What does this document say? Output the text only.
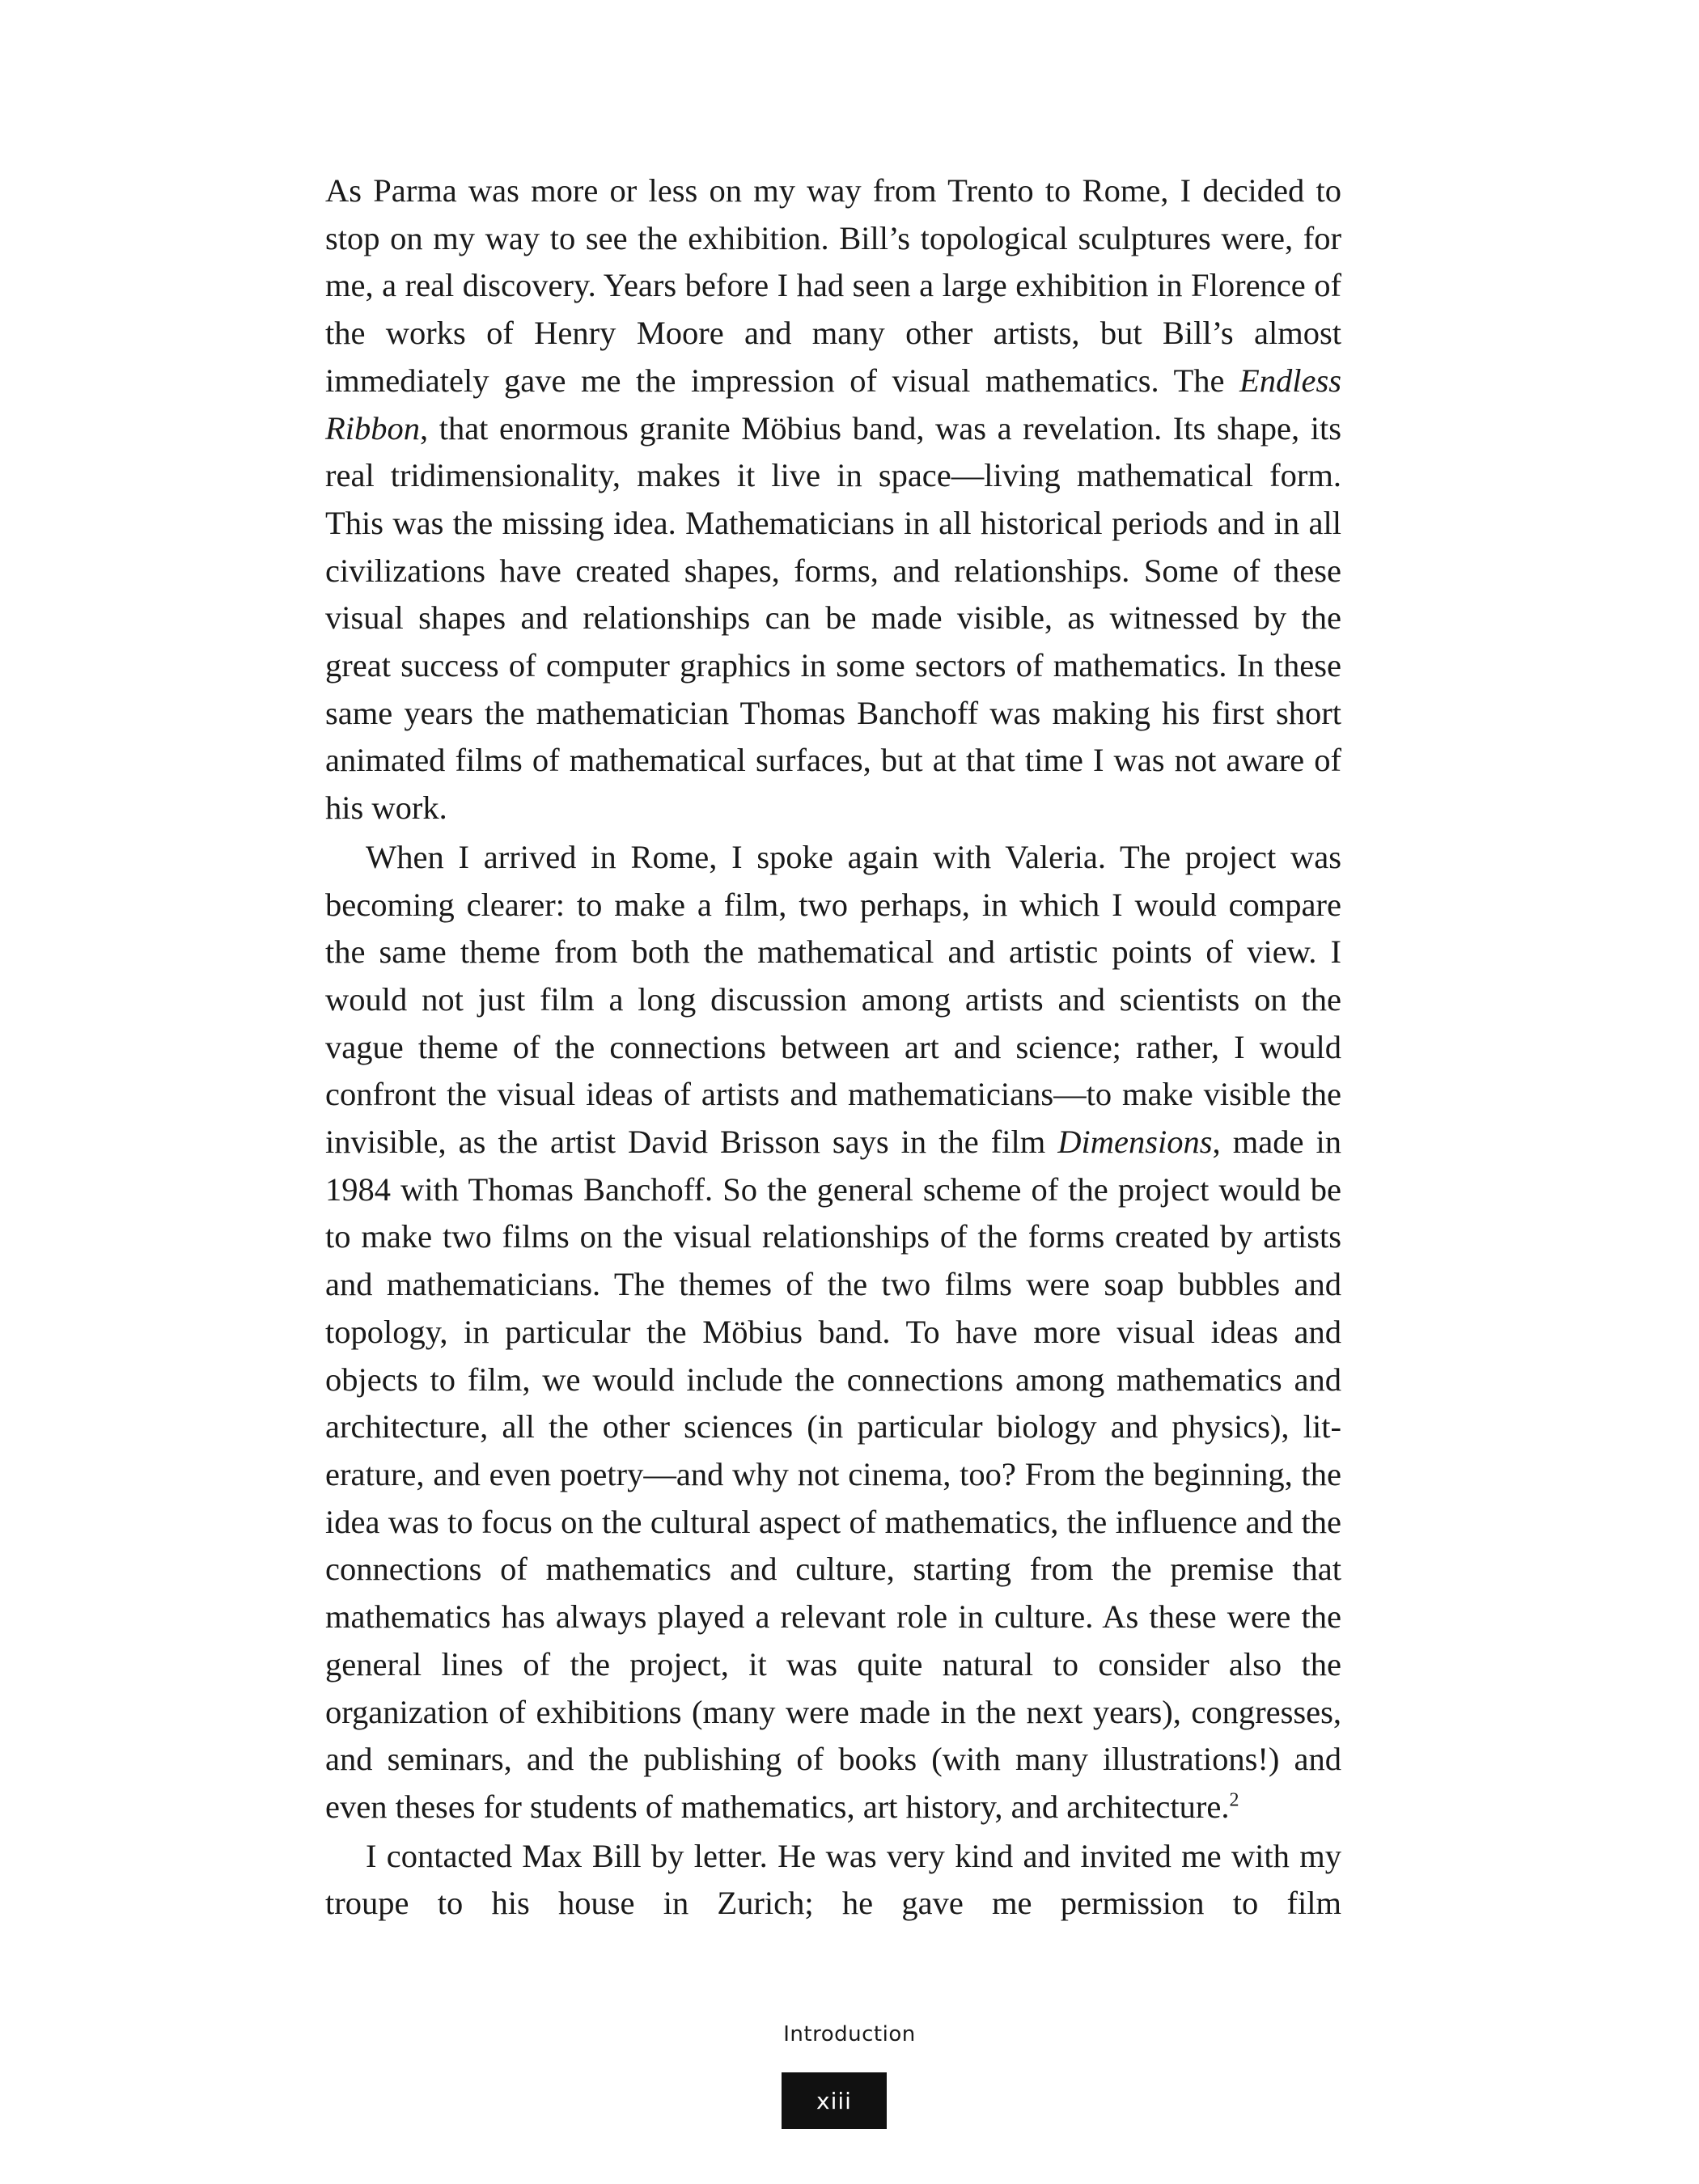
As Parma was more or less on my way from Trento to Rome, I decided to stop on my way to see the exhibition. Bill’s topological sculptures were, for me, a real discovery. Years before I had seen a large exhibition in Florence of the works of Henry Moore and many other artists, but Bill’s almost immediately gave me the impression of visual mathematics. The Endless Ribbon, that enormous granite Möbius band, was a revelation. Its shape, its real tridimensionality, makes it live in space—living mathematical form. This was the missing idea. Mathematicians in all historical periods and in all civilizations have created shapes, forms, and relationships. Some of these visual shapes and relationships can be made visible, as witnessed by the great success of computer graphics in some sectors of mathematics. In these same years the mathematician Thomas Banchoff was making his first short animated films of mathematical surfaces, but at that time I was not aware of his work.

When I arrived in Rome, I spoke again with Valeria. The project was becoming clearer: to make a film, two perhaps, in which I would compare the same theme from both the mathematical and artistic points of view. I would not just film a long discussion among artists and scientists on the vague theme of the connections between art and science; rather, I would confront the visual ideas of artists and mathematicians—to make visible the invisible, as the artist David Brisson says in the film Dimensions, made in 1984 with Thomas Banchoff. So the general scheme of the project would be to make two films on the visual relationships of the forms created by artists and mathematicians. The themes of the two films were soap bubbles and topology, in particular the Möbius band. To have more visual ideas and objects to film, we would include the connections among mathematics and architecture, all the other sciences (in particular biology and physics), literature, and even poetry—and why not cinema, too? From the beginning, the idea was to focus on the cultural aspect of mathematics, the influence and the connections of mathematics and culture, starting from the premise that mathematics has always played a relevant role in culture. As these were the general lines of the project, it was quite natural to consider also the organization of exhibitions (many were made in the next years), congresses, and seminars, and the publishing of books (with many illustrations!) and even theses for students of mathematics, art history, and architecture.$^2$

I contacted Max Bill by letter. He was very kind and invited me with my troupe to his house in Zurich; he gave me permission to film

Introduction
xiii
